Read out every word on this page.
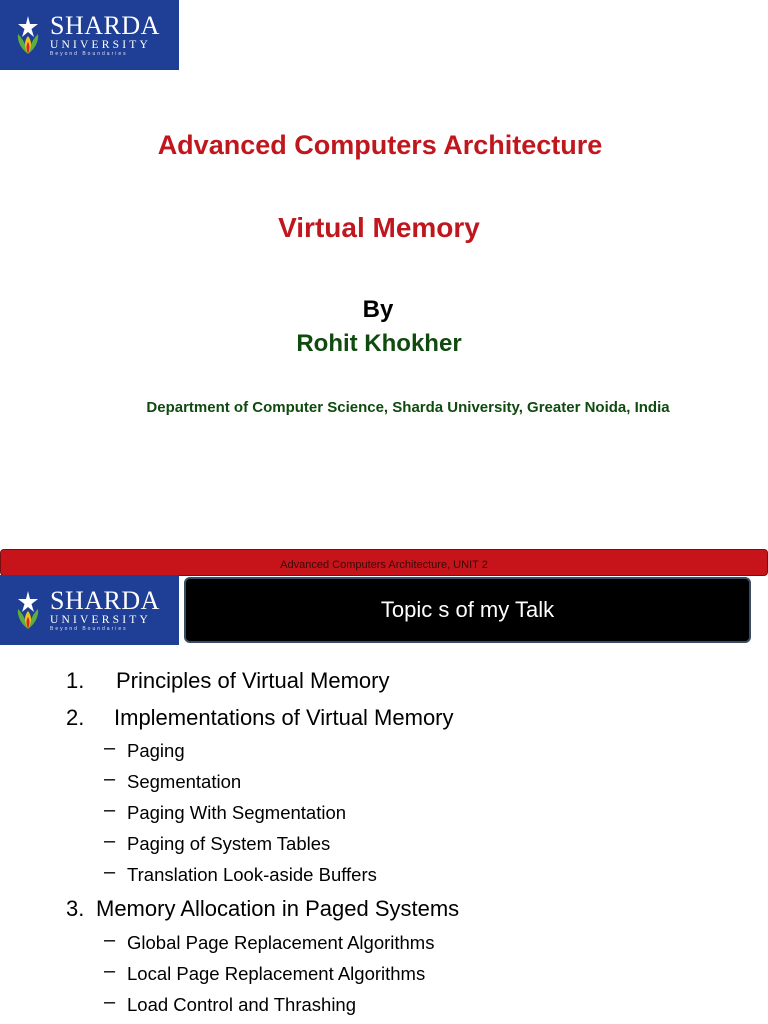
SHARDA
UNIVERSITY
Beyond Boundaries
Advanced Computers Architecture
Virtual Memory
By
Rohit Khokher
Department of Computer Science, Sharda University, Greater Noida, India
Advanced Computers Architecture, UNIT 2
SHARDA
UNIVERSITY
Beyond Boundaries
Topic s of my Talk
1. Principles of Virtual Memory
2. Implementations of Virtual Memory
– Paging
– Segmentation
– Paging With Segmentation
– Paging of System Tables
– Translation Look-aside Buffers
3. Memory Allocation in Paged Systems
– Global Page Replacement Algorithms
– Local Page Replacement Algorithms
– Load Control and Thrashing
